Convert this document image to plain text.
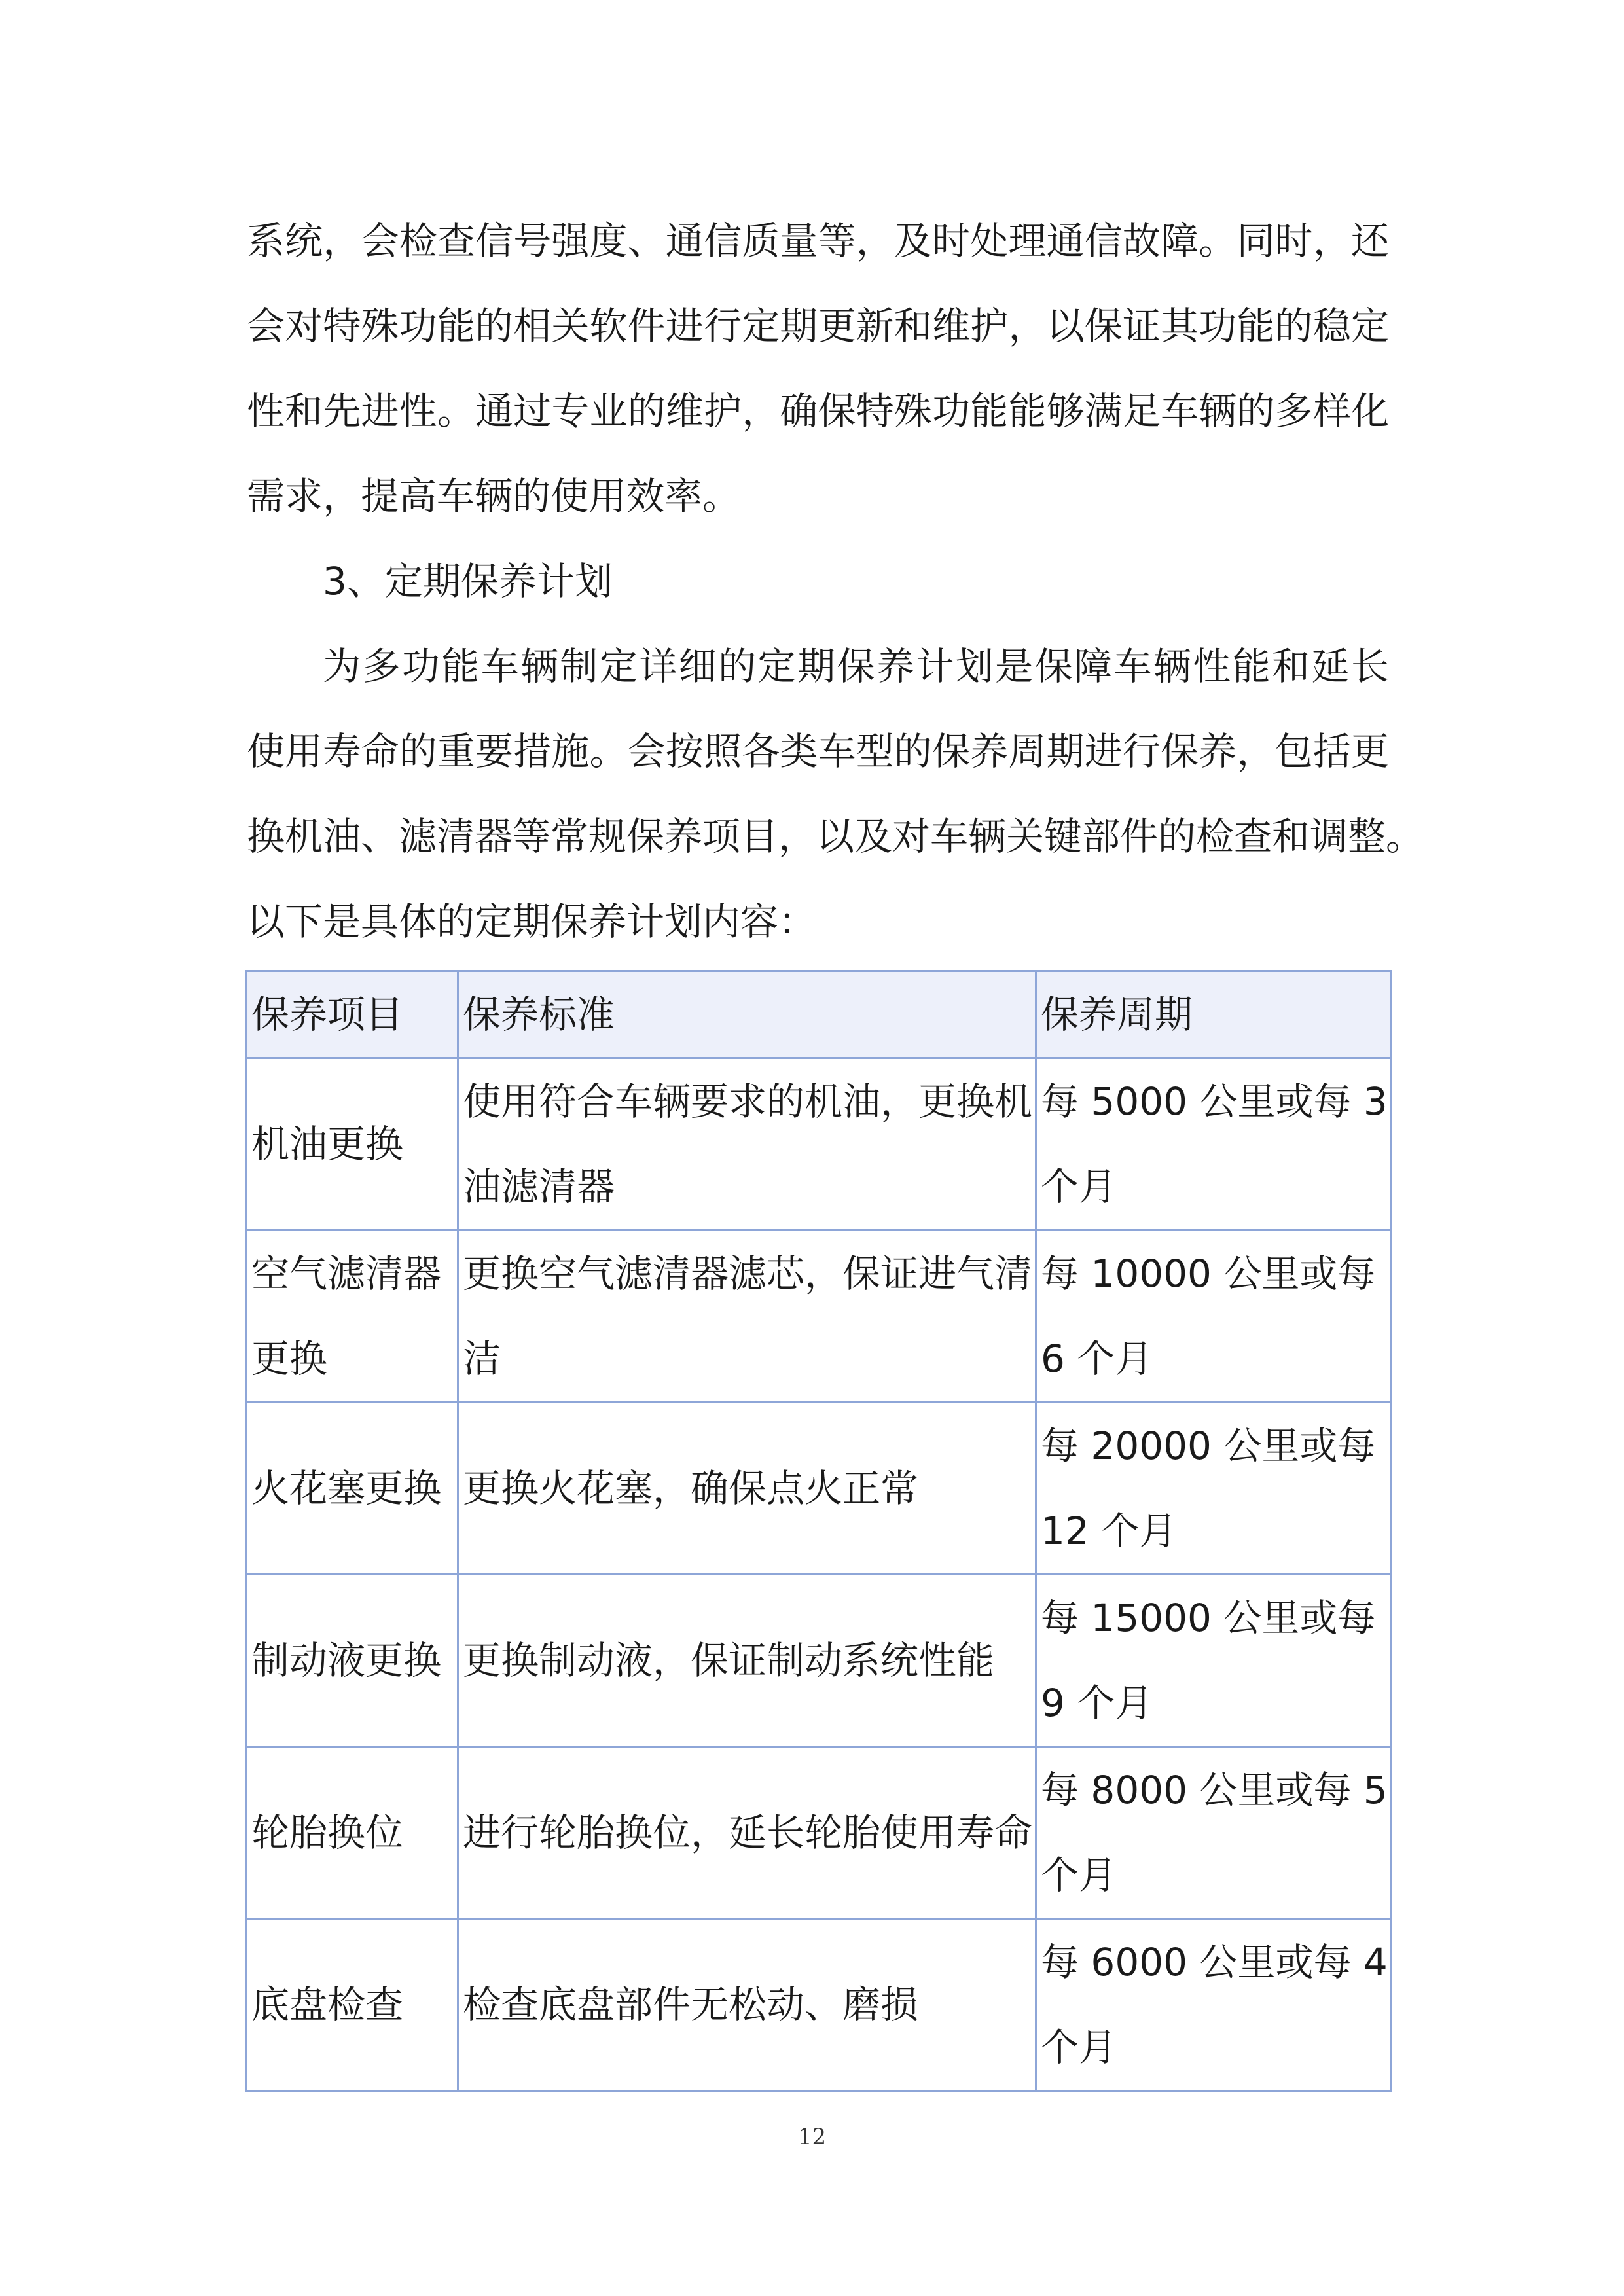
系统，会检查信号强度、通信质量等，及时处理通信故障。同时，还
会对特殊功能的相关软件进行定期更新和维护，以保证其功能的稳定
性和先进性。通过专业的维护，确保特殊功能能够满足车辆的多样化
需求，提高车辆的使用效率。
3、定期保养计划
为多功能车辆制定详细的定期保养计划是保障车辆性能和延长
使用寿命的重要措施。会按照各类车型的保养周期进行保养，包括更
换机油、滤清器等常规保养项目，以及对车辆关键部件的检查和调整。
以下是具体的定期保养计划内容：
保养项目	保养标准	保养周期
机油更换	使用符合车辆要求的机油，更换机油滤清器	每 5000 公里或每 3 个月
空气滤清器更换	更换空气滤清器滤芯，保证进气清洁	每 10000 公里或每 6 个月
火花塞更换	更换火花塞，确保点火正常	每 20000 公里或每 12 个月
制动液更换	更换制动液，保证制动系统性能	每 15000 公里或每 9 个月
轮胎换位	进行轮胎换位，延长轮胎使用寿命	每 8000 公里或每 5 个月
底盘检查	检查底盘部件无松动、磨损	每 6000 公里或每 4 个月
12
